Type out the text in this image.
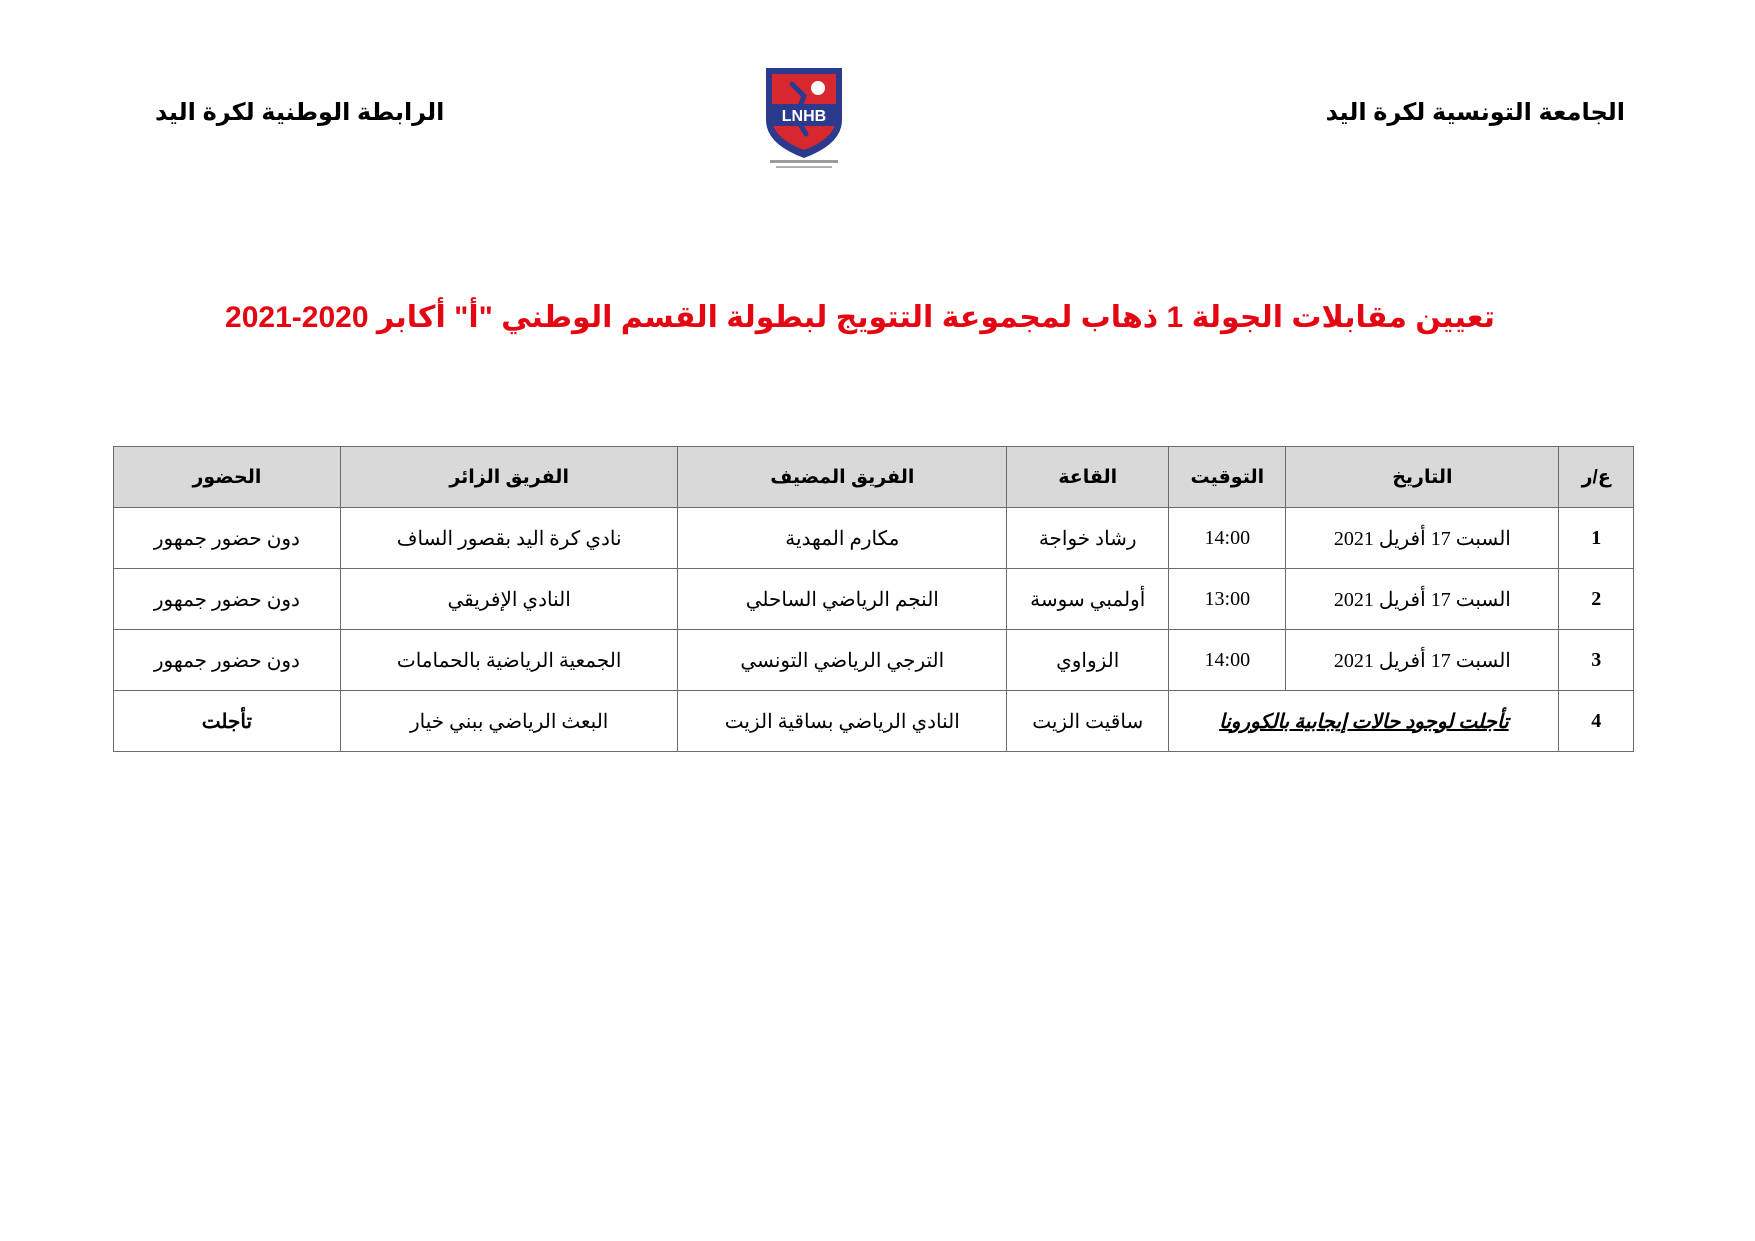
الجامعة التونسية لكرة اليد
الرابطة الوطنية لكرة اليد	LNHB
تعيين مقابلات الجولة 1 ذهاب لمجموعة التتويج لبطولة القسم الوطني "أ" أكابر 2020-2021
ع/ر	التاريخ	التوقيت	القاعة	الفريق المضيف	الفريق الزائر	الحضور
1	السبت 17 أفريل 2021	14:00	رشاد خواجة	مكارم المهدية	نادي كرة اليد بقصور الساف	دون حضور جمهور
2	السبت 17 أفريل 2021	13:00	أولمبي سوسة	النجم الرياضي الساحلي	النادي الإفريقي	دون حضور جمهور
3	السبت 17 أفريل 2021	14:00	الزواوي	الترجي الرياضي التونسي	الجمعية الرياضية بالحمامات	دون حضور جمهور
4	تأجلت لوجود حالات إيجابية بالكورونا		ساقيت الزيت	النادي الرياضي بساقية الزيت	البعث الرياضي ببني خيار	تأجلت
